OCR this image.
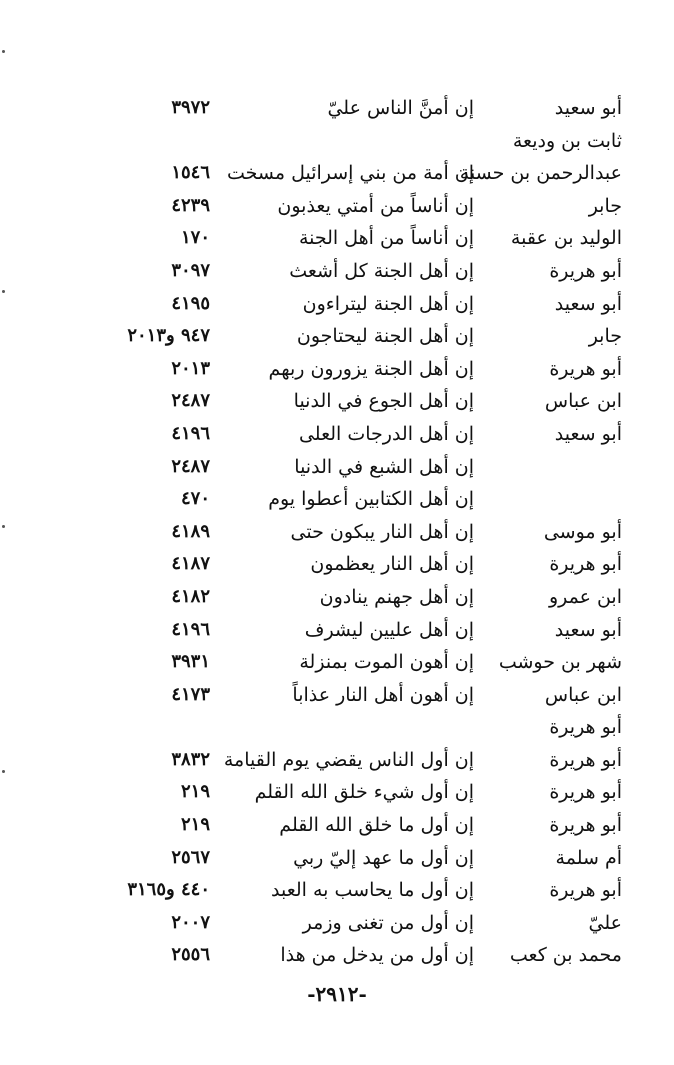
أبو سعيد
إن أمنَّ الناس عليّ
٣٩٧٢
ثابت بن وديعة
عبدالرحمن بن حسنة
إن أمة من بني إسرائيل مسخت
١٥٤٦
جابر
إن أناساً من أمتي يعذبون
٤٢٣٩
الوليد بن عقبة
إن أناساً من أهل الجنة
١٧٠
أبو هريرة
إن أهل الجنة كل أشعث
٣٠٩٧
أبو سعيد
إن أهل الجنة ليتراءون
٤١٩٥
جابر
إن أهل الجنة ليحتاجون
٩٤٧ و٢٠١٣
أبو هريرة
إن أهل الجنة يزورون ربهم
٢٠١٣
ابن عباس
إن أهل الجوع في الدنيا
٢٤٨٧
أبو سعيد
إن أهل الدرجات العلى
٤١٩٦
إن أهل الشبع في الدنيا
٢٤٨٧
إن أهل الكتابين أعطوا يوم
٤٧٠
أبو موسى
إن أهل النار يبكون حتى
٤١٨٩
أبو هريرة
إن أهل النار يعظمون
٤١٨٧
ابن عمرو
إن أهل جهنم ينادون
٤١٨٢
أبو سعيد
إن أهل عليين ليشرف
٤١٩٦
شهر بن حوشب
إن أهون الموت بمنزلة
٣٩٣١
ابن عباس
إن أهون أهل النار عذاباً
٤١٧٣
أبو هريرة
أبو هريرة
إن أول الناس يقضي يوم القيامة
٣٨٣٢
أبو هريرة
إن أول شيء خلق الله القلم
٢١٩
أبو هريرة
إن أول ما خلق الله القلم
٢١٩
أم سلمة
إن أول ما عهد إليّ ربي
٢٥٦٧
أبو هريرة
إن أول ما يحاسب به العبد
٤٤٠ و٣١٦٥
عليّ
إن أول من تغنى وزمر
٢٠٠٧
محمد بن كعب
إن أول من يدخل من هذا
٢٥٥٦
-٢٩١٢-
